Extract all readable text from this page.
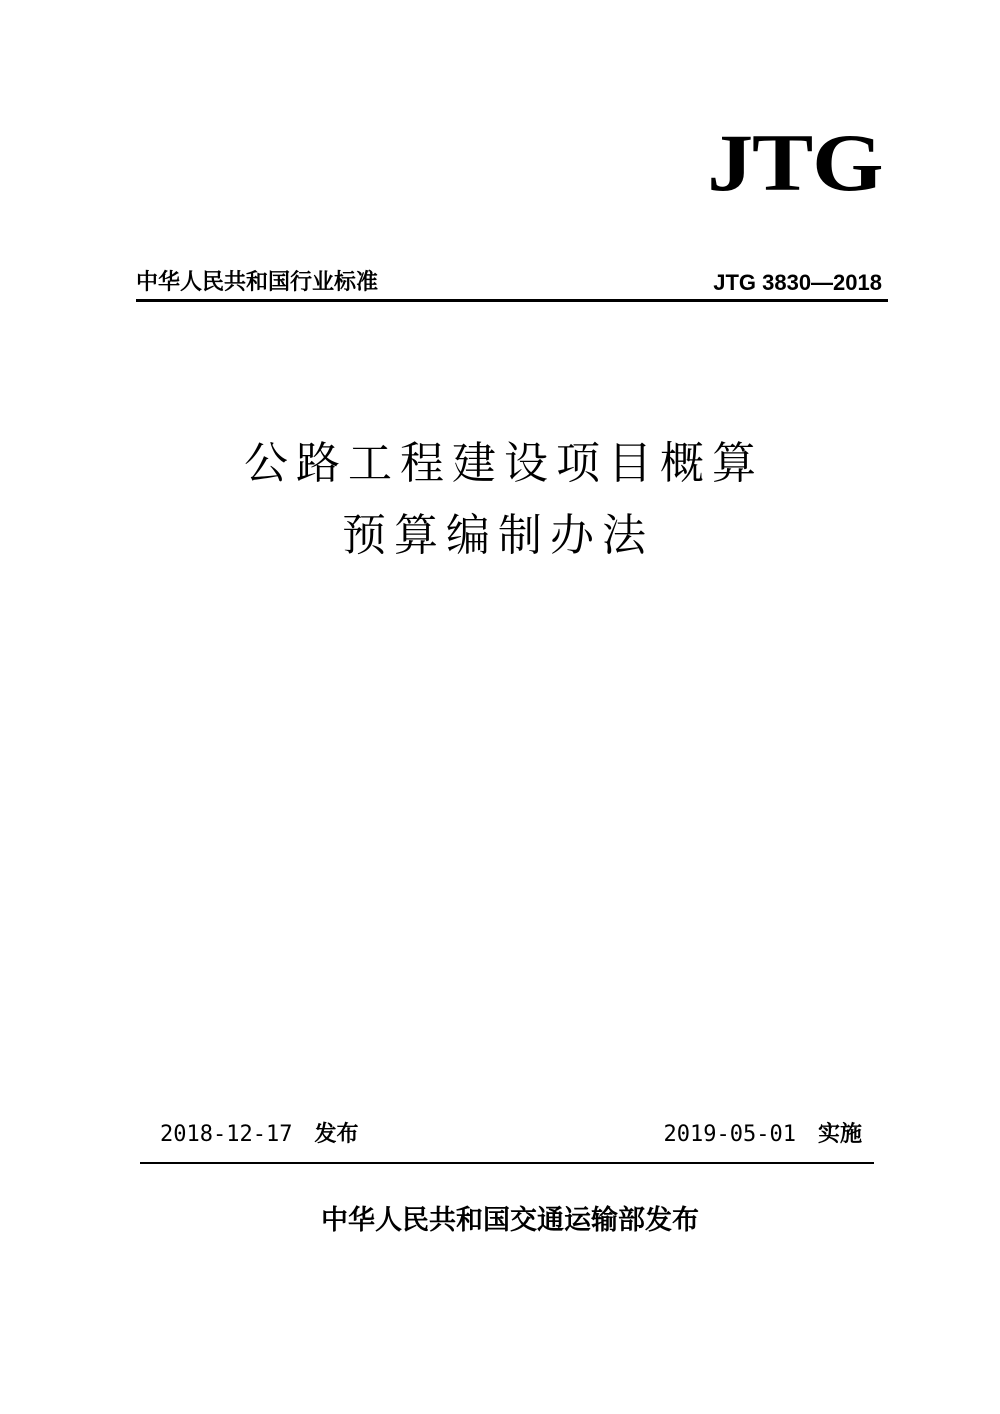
JTG
中华人民共和国行业标准	JTG 3830—2018
公路工程建设项目概算
预算编制办法
2018-12-17 发布	2019-05-01 实施
中华人民共和国交通运输部发布
